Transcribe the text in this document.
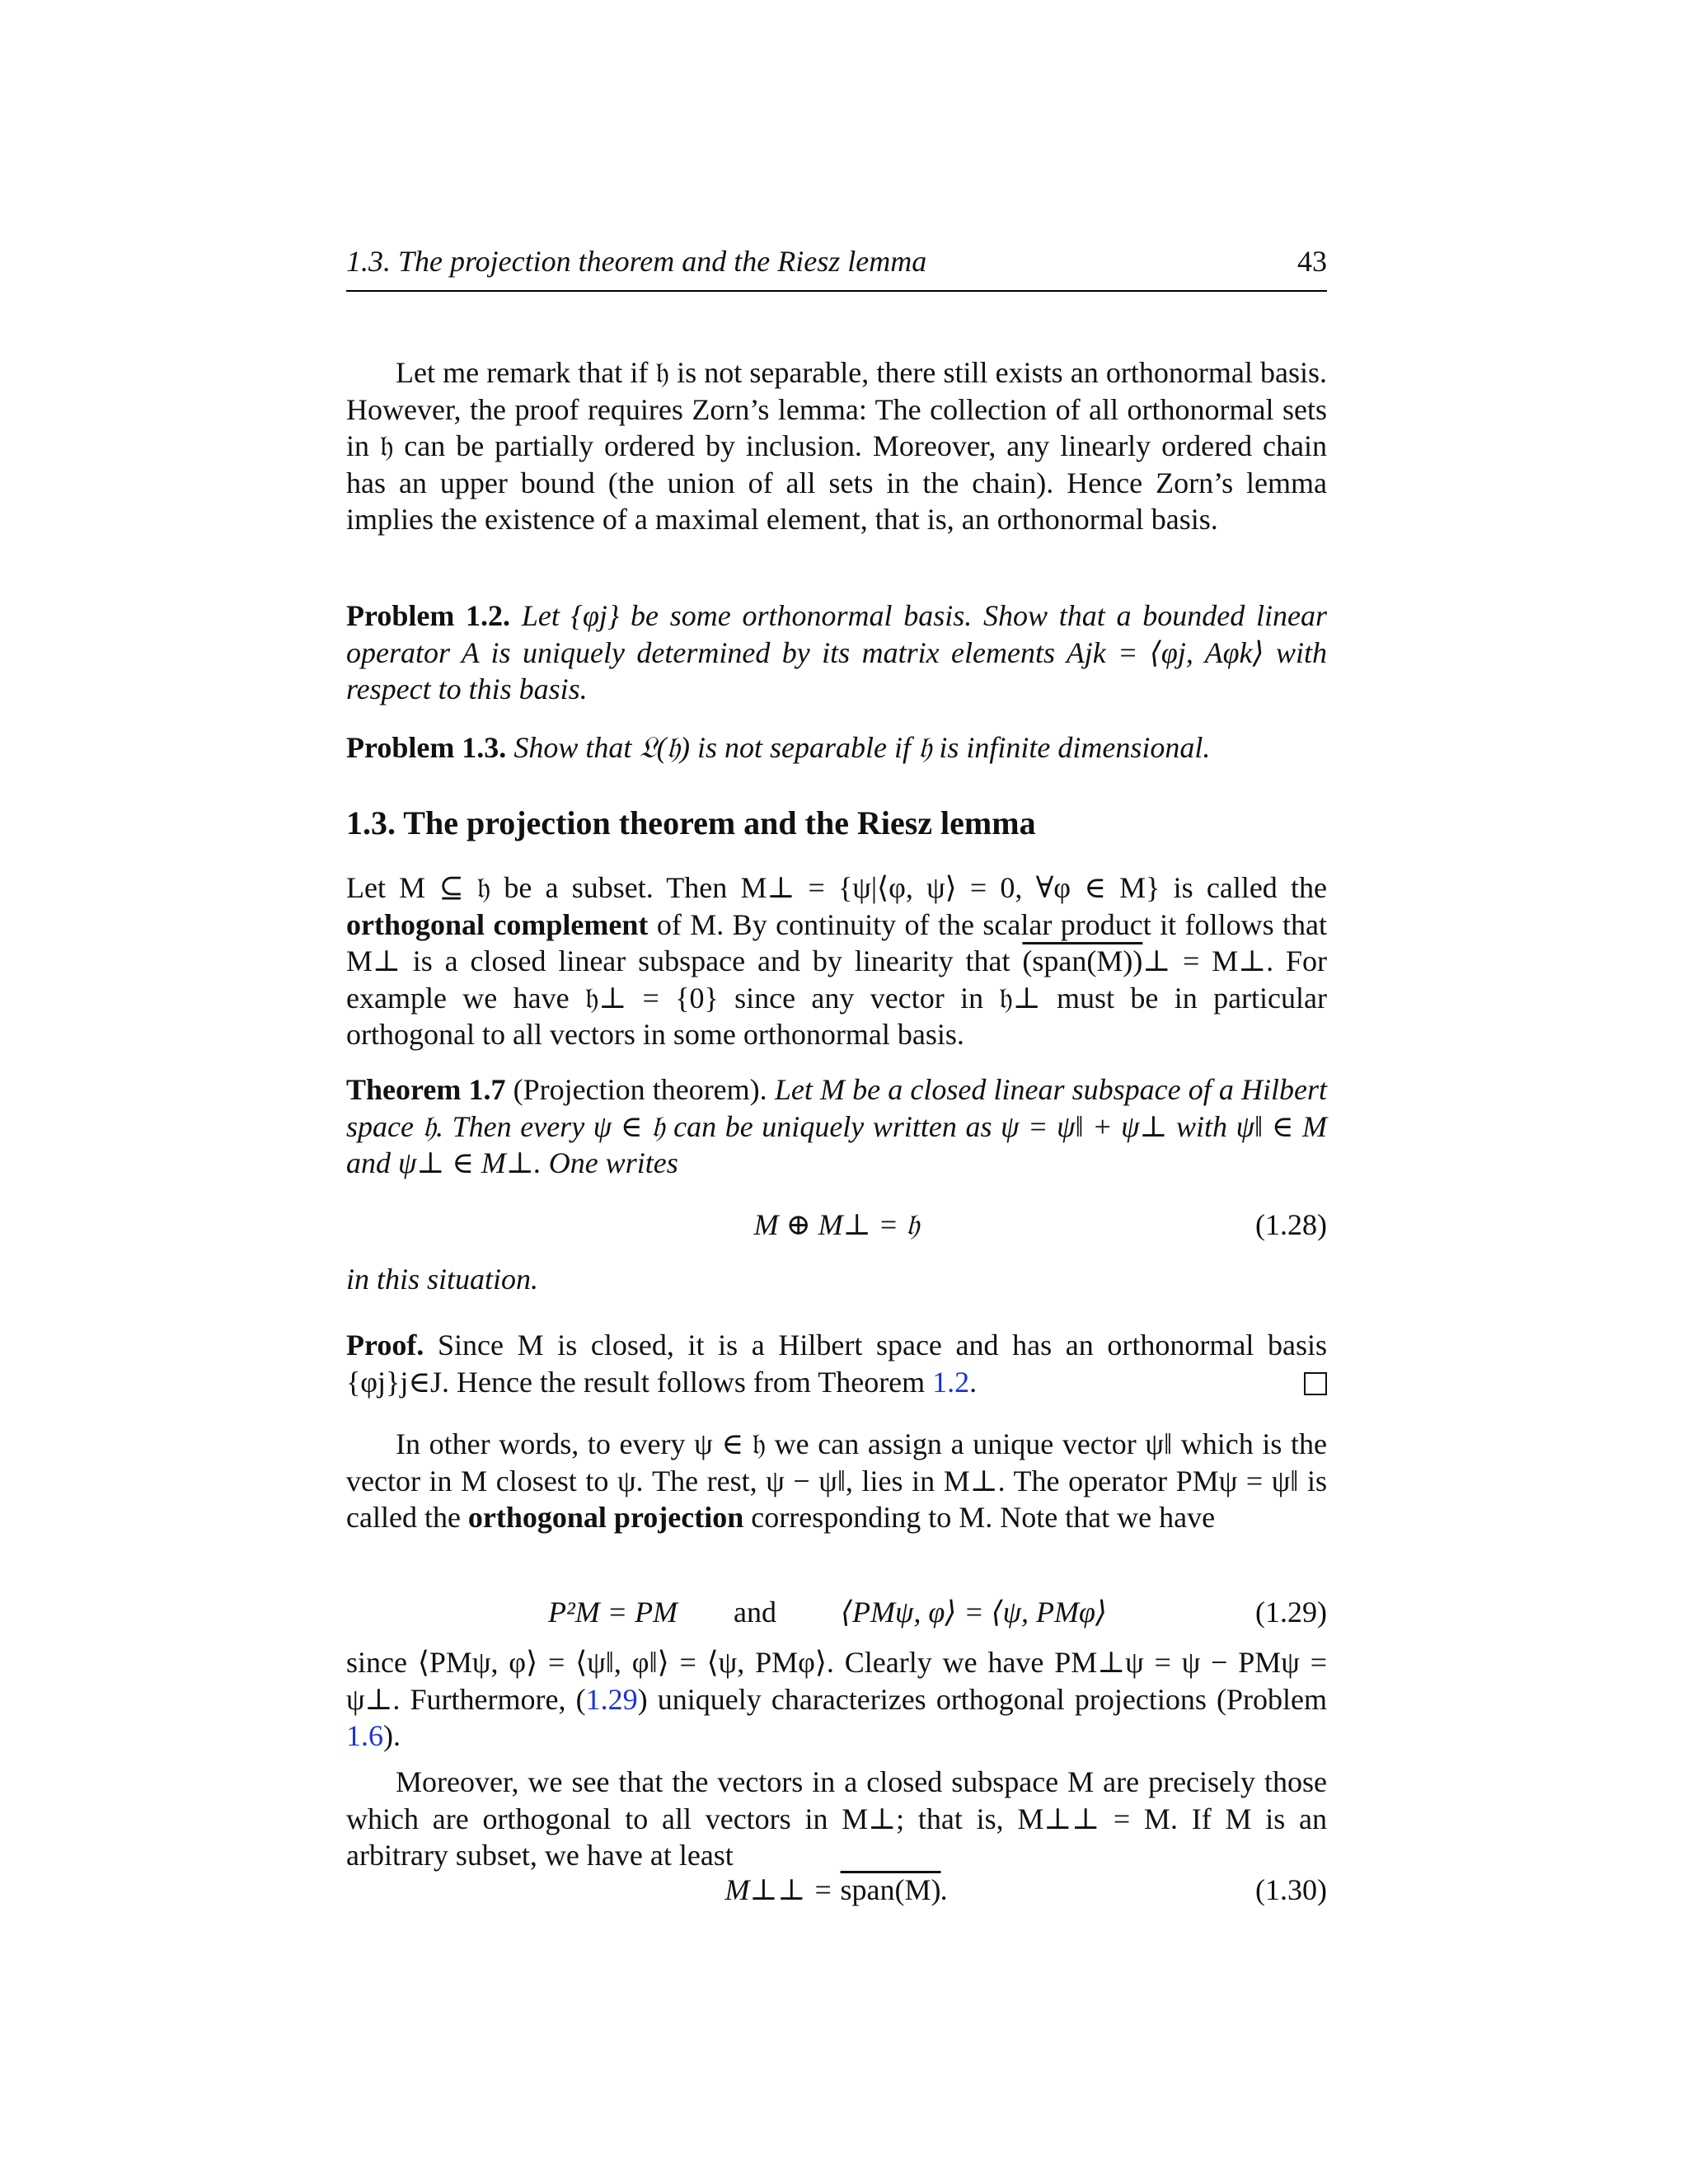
1.3. The projection theorem and the Riesz lemma	43
Let me remark that if 𝔥 is not separable, there still exists an orthonormal basis. However, the proof requires Zorn’s lemma: The collection of all orthonormal sets in 𝔥 can be partially ordered by inclusion. Moreover, any linearly ordered chain has an upper bound (the union of all sets in the chain). Hence Zorn’s lemma implies the existence of a maximal element, that is, an orthonormal basis.
Problem 1.2. Let {φj} be some orthonormal basis. Show that a bounded linear operator A is uniquely determined by its matrix elements Ajk = ⟨φj, Aφk⟩ with respect to this basis.
Problem 1.3. Show that 𝔏(𝔥) is not separable if 𝔥 is infinite dimensional.
1.3. The projection theorem and the Riesz lemma
Let M ⊆ 𝔥 be a subset. Then M⊥ = {ψ|⟨φ, ψ⟩ = 0, ∀φ ∈ M} is called the orthogonal complement of M. By continuity of the scalar product it follows that M⊥ is a closed linear subspace and by linearity that (span(M))⊥ = M⊥. For example we have 𝔥⊥ = {0} since any vector in 𝔥⊥ must be in particular orthogonal to all vectors in some orthonormal basis.
Theorem 1.7 (Projection theorem). Let M be a closed linear subspace of a Hilbert space 𝔥. Then every ψ ∈ 𝔥 can be uniquely written as ψ = ψ‖ + ψ⊥ with ψ‖ ∈ M and ψ⊥ ∈ M⊥. One writes
M ⊕ M⊥ = 𝔥	(1.28)
in this situation.
Proof. Since M is closed, it is a Hilbert space and has an orthonormal basis {φj}j∈J. Hence the result follows from Theorem 1.2.
In other words, to every ψ ∈ 𝔥 we can assign a unique vector ψ‖ which is the vector in M closest to ψ. The rest, ψ − ψ‖, lies in M⊥. The operator PMψ = ψ‖ is called the orthogonal projection corresponding to M. Note that we have
P²M = PM and ⟨PMψ, φ⟩ = ⟨ψ, PMφ⟩	(1.29)
since ⟨PMψ, φ⟩ = ⟨ψ‖, φ‖⟩ = ⟨ψ, PMφ⟩. Clearly we have PM⊥ψ = ψ − PMψ = ψ⊥. Furthermore, (1.29) uniquely characterizes orthogonal projections (Problem 1.6).
Moreover, we see that the vectors in a closed subspace M are precisely those which are orthogonal to all vectors in M⊥; that is, M⊥⊥ = M. If M is an arbitrary subset, we have at least
M⊥⊥ = span(M).	(1.30)
